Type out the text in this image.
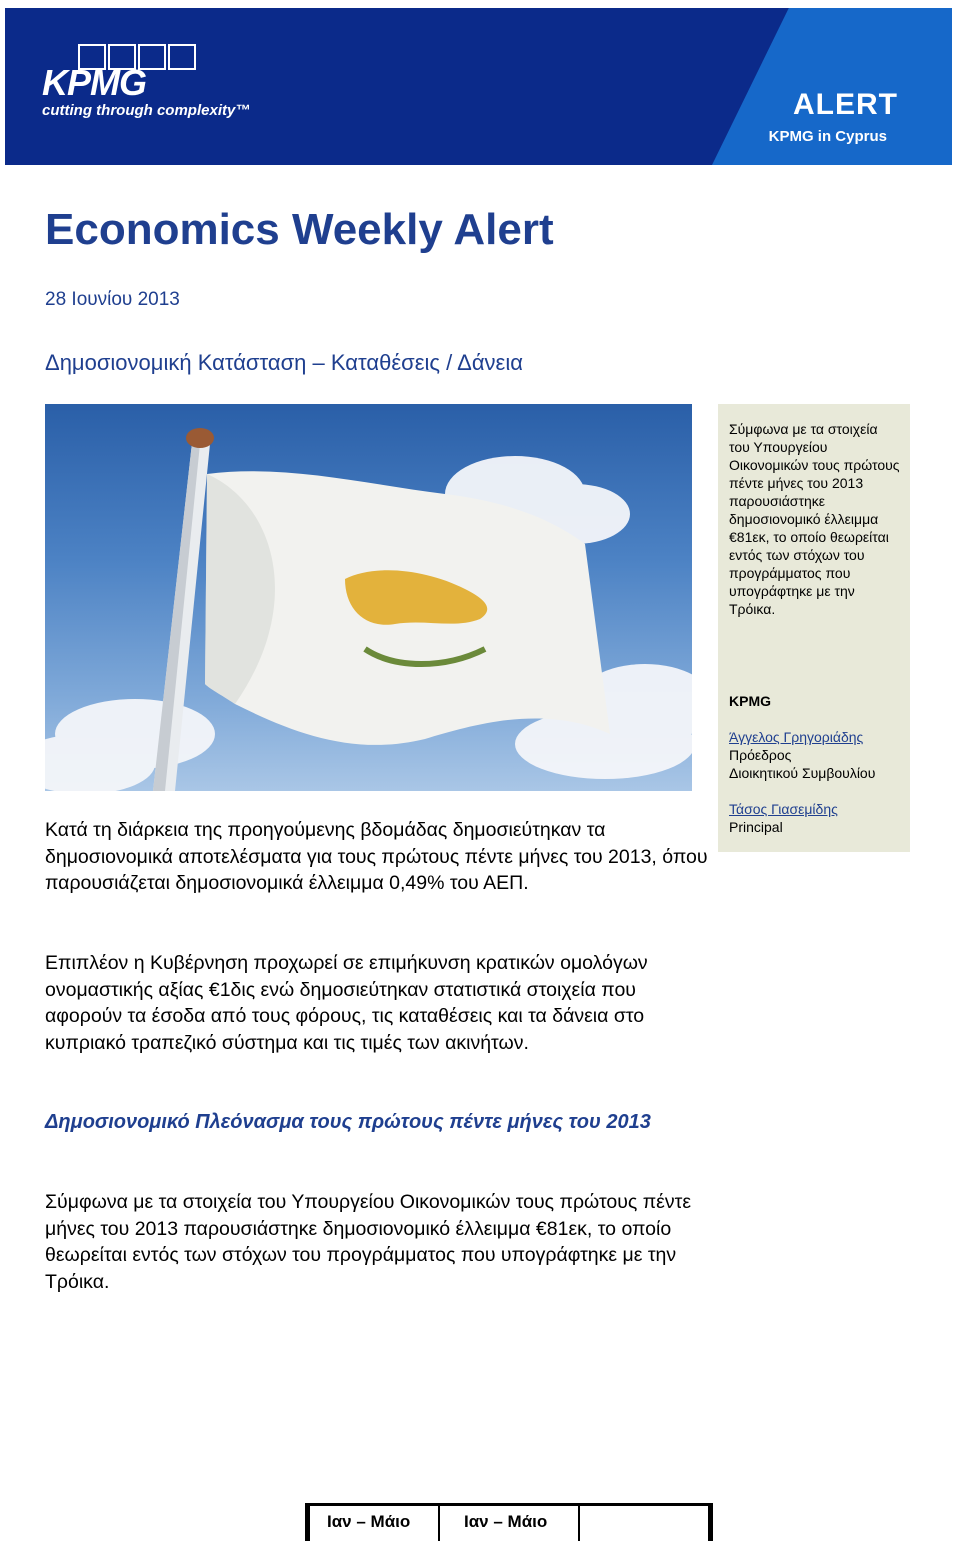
KPMG
cutting through complexity™	ALERT
KPMG in Cyprus
Economics Weekly Alert
28 Ιουνίου 2013
Δημοσιονομική Κατάσταση – Καταθέσεις / Δάνεια
Σύμφωνα με τα στοιχεία του Υπουργείου Οικονομικών τους πρώτους πέντε μήνες του 2013 παρουσιάστηκε δημοσιονομικό έλλειμμα €81εκ, το οποίο θεωρείται εντός των στόχων του προγράμματος που υπογράφτηκε με την Τρόικα.
KPMG
Άγγελος Γρηγοριάδης
Πρόεδρος
Διοικητικού Συμβουλίου
Τάσος Γιασεμίδης
Principal
Κατά τη διάρκεια της προηγούμενης βδομάδας δημοσιεύτηκαν τα δημοσιονομικά αποτελέσματα για τους πρώτους πέντε μήνες του 2013, όπου παρουσιάζεται δημοσιονομικά έλλειμμα 0,49% του ΑΕΠ.
Επιπλέον η Κυβέρνηση προχωρεί σε επιμήκυνση κρατικών ομολόγων ονομαστικής αξίας €1δις ενώ δημοσιεύτηκαν στατιστικά στοιχεία που αφορούν τα έσοδα από τους φόρους, τις καταθέσεις και τα δάνεια στο κυπριακό τραπεζικό σύστημα και τις τιμές των ακινήτων.
Δημοσιονομικό Πλεόνασμα τους πρώτους πέντε μήνες του 2013
Σύμφωνα με τα στοιχεία του Υπουργείου Οικονομικών τους πρώτους πέντε μήνες του 2013 παρουσιάστηκε δημοσιονομικό έλλειμμα €81εκ, το οποίο θεωρείται εντός των στόχων του προγράμματος που υπογράφτηκε με την Τρόικα.
Ιαν – Μάιο	Ιαν – Μάιο
